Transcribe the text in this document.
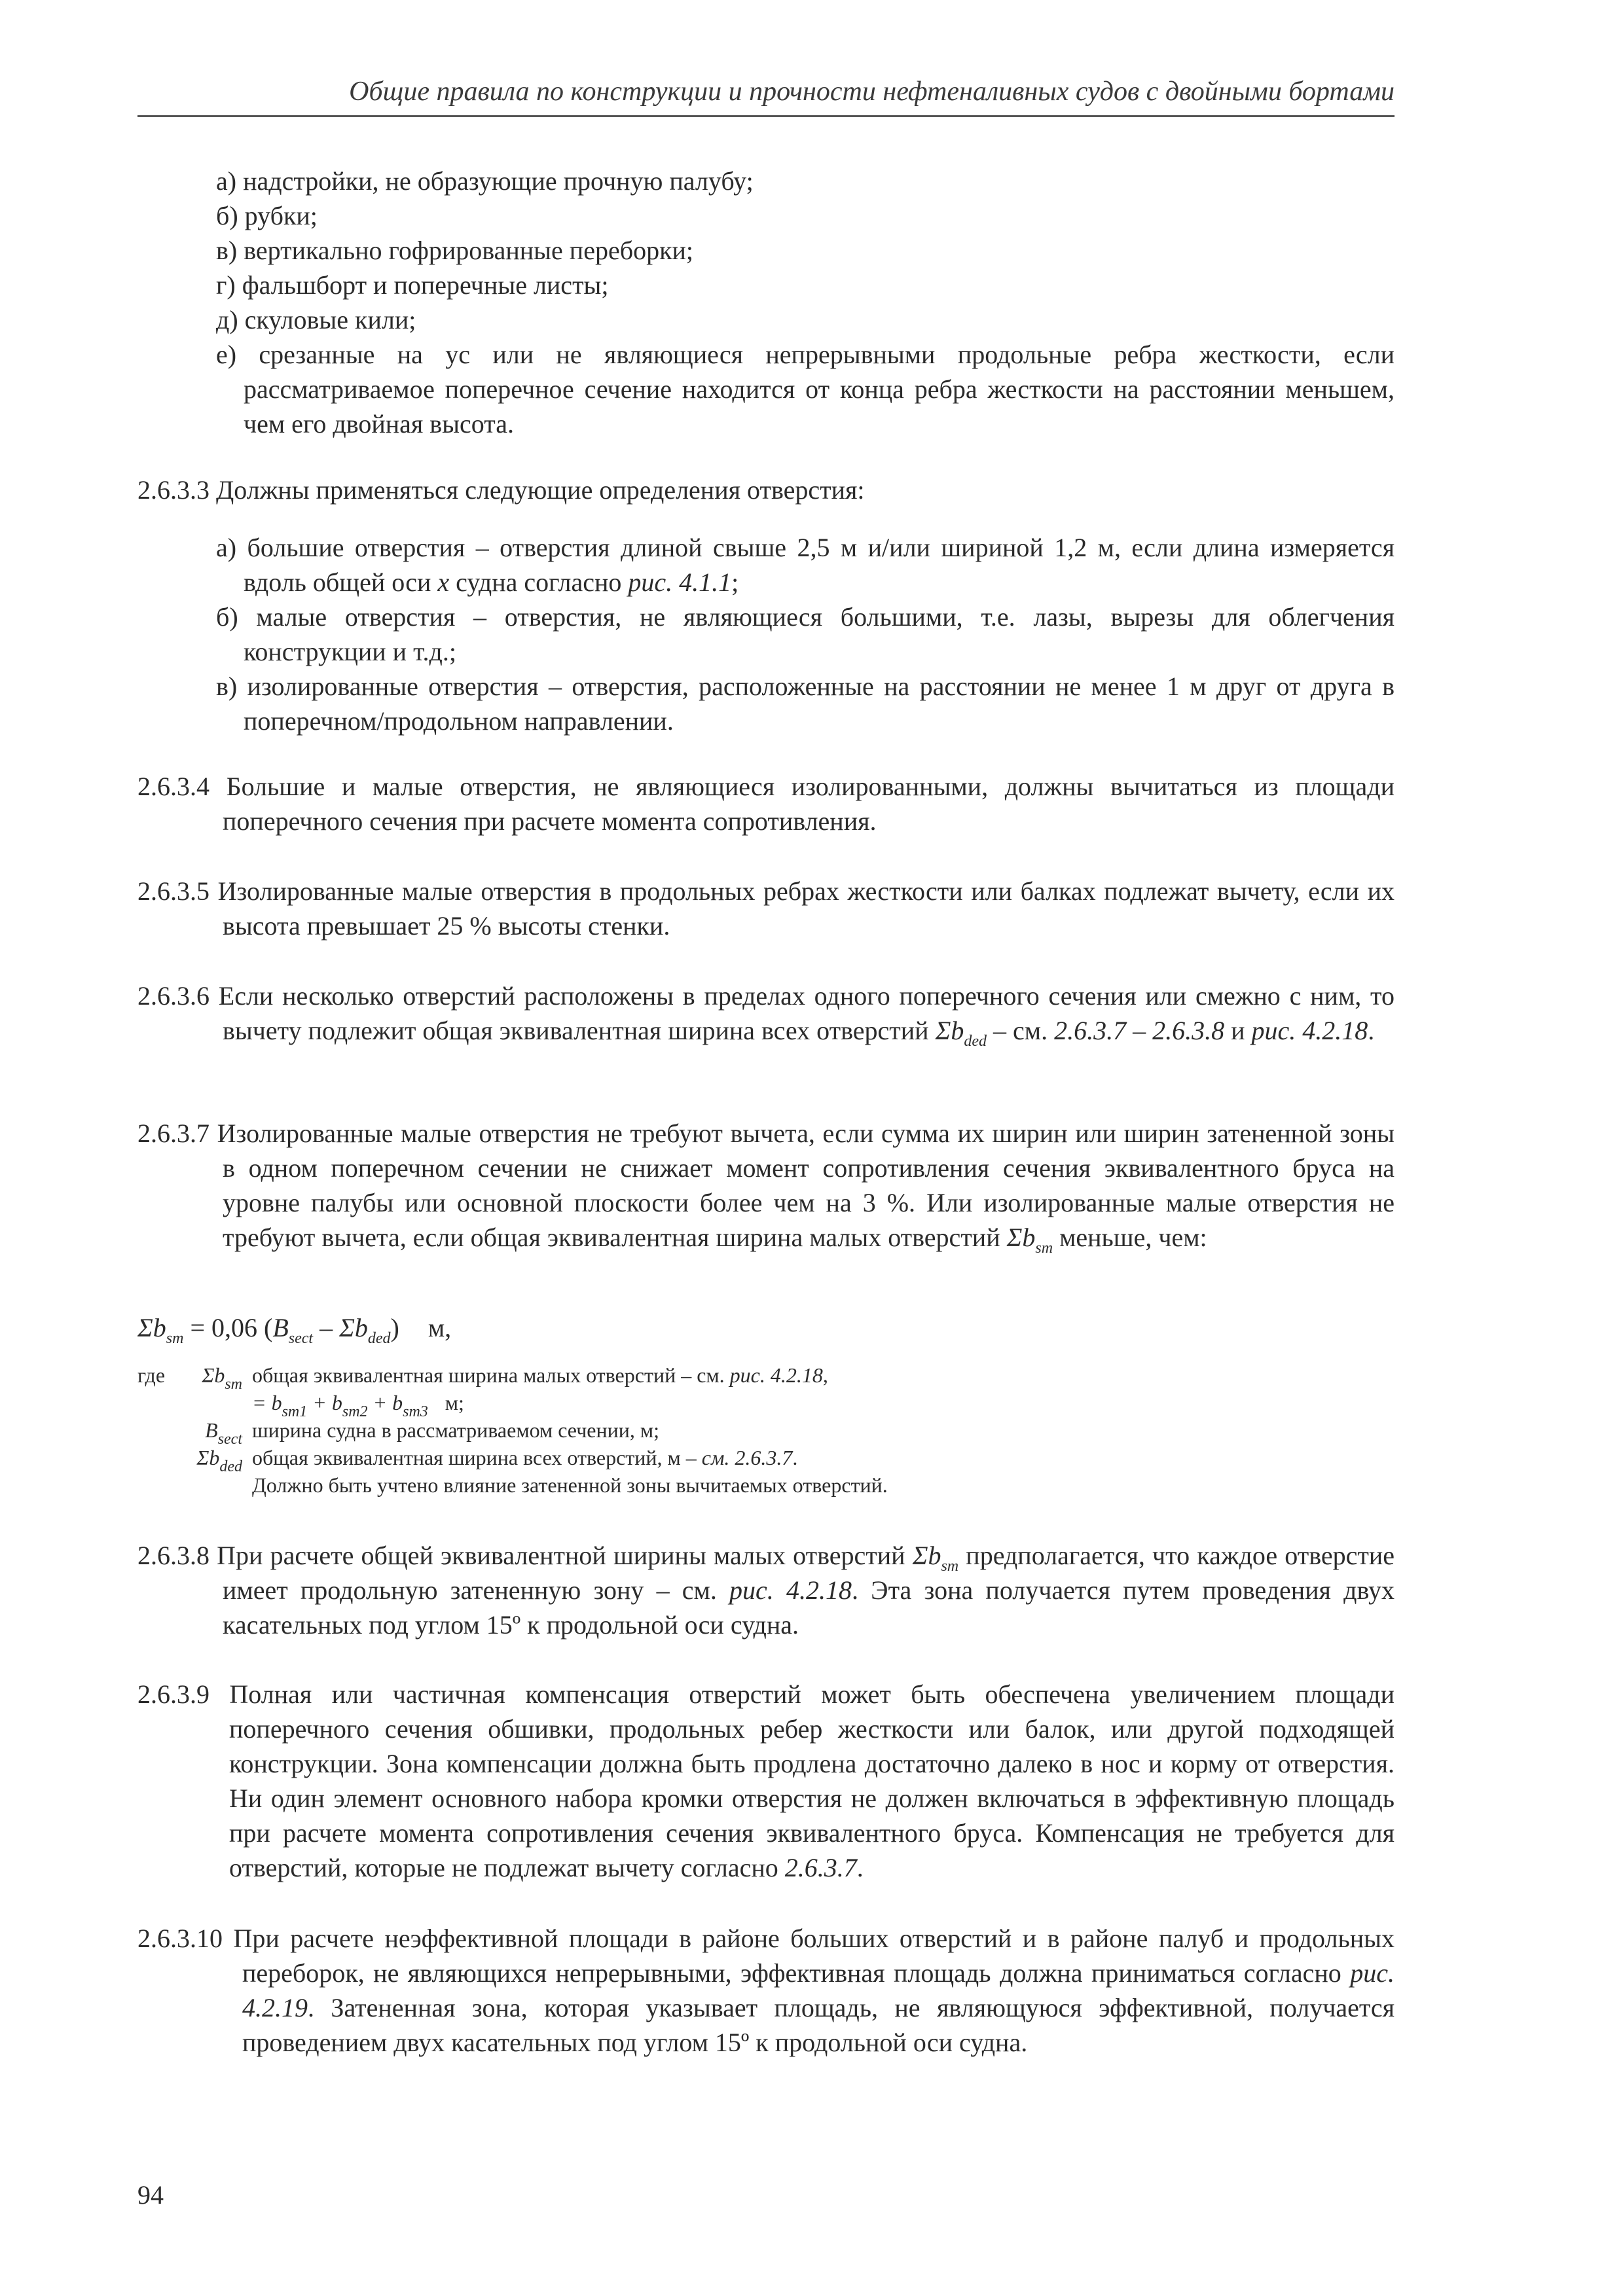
Общие правила по конструкции и прочности нефтеналивных судов с двойными бортами
а) надстройки, не образующие прочную палубу;
б) рубки;
в) вертикально гофрированные переборки;
г) фальшборт и поперечные листы;
д) скуловые кили;
е) срезанные на ус или не являющиеся непрерывными продольные ребра жесткости, если рассматриваемое поперечное сечение находится от конца ребра жесткости на расстоянии меньшем, чем его двойная высота.
2.6.3.3 Должны применяться следующие определения отверстия:
а) большие отверстия – отверстия длиной свыше 2,5 м и/или шириной 1,2 м, если длина измеряется вдоль общей оси x судна согласно рис. 4.1.1;
б) малые отверстия – отверстия, не являющиеся большими, т.е. лазы, вырезы для облегчения конструкции и т.д.;
в) изолированные отверстия – отверстия, расположенные на расстоянии не менее 1 м друг от друга в поперечном/продольном направлении.
2.6.3.4 Большие и малые отверстия, не являющиеся изолированными, должны вычитаться из площади поперечного сечения при расчете момента сопротивления.
2.6.3.5 Изолированные малые отверстия в продольных ребрах жесткости или балках подлежат вычету, если их высота превышает 25 % высоты стенки.
2.6.3.6 Если несколько отверстий расположены в пределах одного поперечного сечения или смежно с ним, то вычету подлежит общая эквивалентная ширина всех отверстий $\Sigma b_{ded}$ – см. 2.6.3.7 – 2.6.3.8 и рис. 4.2.18.
2.6.3.7 Изолированные малые отверстия не требуют вычета, если сумма их ширин или ширин затененной зоны в одном поперечном сечении не снижает момент сопротивления сечения эквивалентного бруса на уровне палубы или основной плоскости более чем на 3 %. Или изолированные малые отверстия не требуют вычета, если общая эквивалентная ширина малых отверстий $\Sigma b_{sm}$ меньше, чем:
$\Sigma b_{sm} = 0,06$ $(B_{sect} - \Sigma b_{ded})$ м,
где	$\Sigma b_{sm}$ общая эквивалентная ширина малых отверстий – см. рис. 4.2.18,
= $b_{sm1} + b_{sm2} + b_{sm3}$ м;
$B_{sect}$ ширина судна в рассматриваемом сечении, м;
$\Sigma b_{ded}$ общая эквивалентная ширина всех отверстий, м – см. 2.6.3.7.
Должно быть учтено влияние затененной зоны вычитаемых отверстий.
2.6.3.8 При расчете общей эквивалентной ширины малых отверстий $\Sigma b_{sm}$ предполагается, что каждое отверстие имеет продольную затененную зону – см. рис. 4.2.18. Эта зона получается путем проведения двух касательных под углом 15º к продольной оси судна.
2.6.3.9 Полная или частичная компенсация отверстий может быть обеспечена увеличением площади поперечного сечения обшивки, продольных ребер жесткости или балок, или другой подходящей конструкции. Зона компенсации должна быть продлена достаточно далеко в нос и корму от отверстия. Ни один элемент основного набора кромки отверстия не должен включаться в эффективную площадь при расчете момента сопротивления сечения эквивалентного бруса. Компенсация не требуется для отверстий, которые не подлежат вычету согласно 2.6.3.7.
2.6.3.10 При расчете неэффективной площади в районе больших отверстий и в районе палуб и продольных переборок, не являющихся непрерывными, эффективная площадь должна приниматься согласно рис. 4.2.19. Затененная зона, которая указывает площадь, не являющуюся эффективной, получается проведением двух касательных под углом 15º к продольной оси судна.
94
